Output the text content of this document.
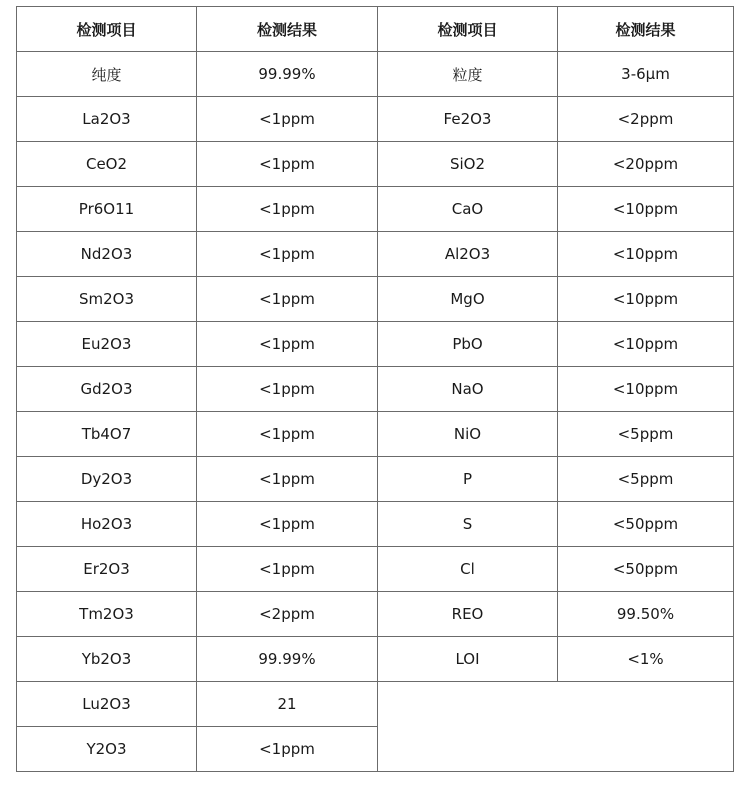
检测项目	检测结果	检测项目	检测结果
纯度	99.99%	粒度	3-6μm
La2O3	<1ppm	Fe2O3	<2ppm
CeO2	<1ppm	SiO2	<20ppm
Pr6O11	<1ppm	CaO	<10ppm
Nd2O3	<1ppm	Al2O3	<10ppm
Sm2O3	<1ppm	MgO	<10ppm
Eu2O3	<1ppm	PbO	<10ppm
Gd2O3	<1ppm	NaO	<10ppm
Tb4O7	<1ppm	NiO	<5ppm
Dy2O3	<1ppm	P	<5ppm
Ho2O3	<1ppm	S	<50ppm
Er2O3	<1ppm	Cl	<50ppm
Tm2O3	<2ppm	REO	99.50%
Yb2O3	99.99%	LOI	<1%
Lu2O3	21		
Y2O3	<1ppm		
